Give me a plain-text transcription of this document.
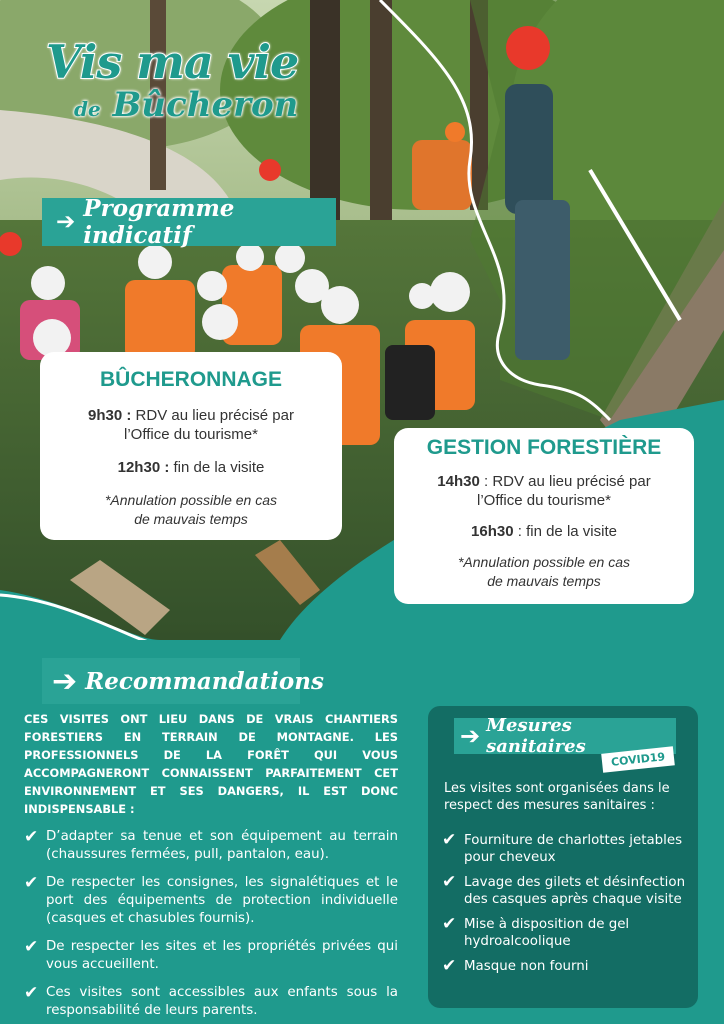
Vis ma vie
de Bûcheron
➔ Programme indicatif
BÛCHERONNAGE

9h30 : RDV au lieu précisé par

l’Office du tourisme*

12h30 : fin de la visite

*Annulation possible en cas

de mauvais temps

GESTION FORESTIÈRE

14h30 : RDV au lieu précisé par

l’Office du tourisme*

16h30 : fin de la visite

*Annulation possible en cas

de mauvais temps

➔ Recommandations
CES VISITES ONT LIEU DANS DE VRAIS CHANTIERS FORESTIERS EN TERRAIN DE MONTAGNE. LES PROFESSIONNELS DE LA FORÊT QUI VOUS ACCOMPAGNERONT CONNAISSENT PARFAITEMENT CET ENVIRONNEMENT ET SES DANGERS, IL EST DONC INDISPENSABLE :
✔ D’adapter sa tenue et son équipement au terrain (chaussures fermées, pull, pantalon, eau).
✔ De respecter les consignes, les signalétiques et le port des équipements de protection individuelle (casques et chasubles fournis).
✔ De respecter les sites et les propriétés privées qui vous accueillent.
✔ Ces visites sont accessibles aux enfants sous la responsabilité de leurs parents.
➔ Mesures sanitaires
COVID19
Les visites sont organisées dans le respect des mesures sanitaires :
✔ Fourniture de charlottes jetables pour cheveux
✔ Lavage des gilets et désinfection des casques après chaque visite
✔ Mise à disposition de gel hydroalcoolique
✔ Masque non fourni
